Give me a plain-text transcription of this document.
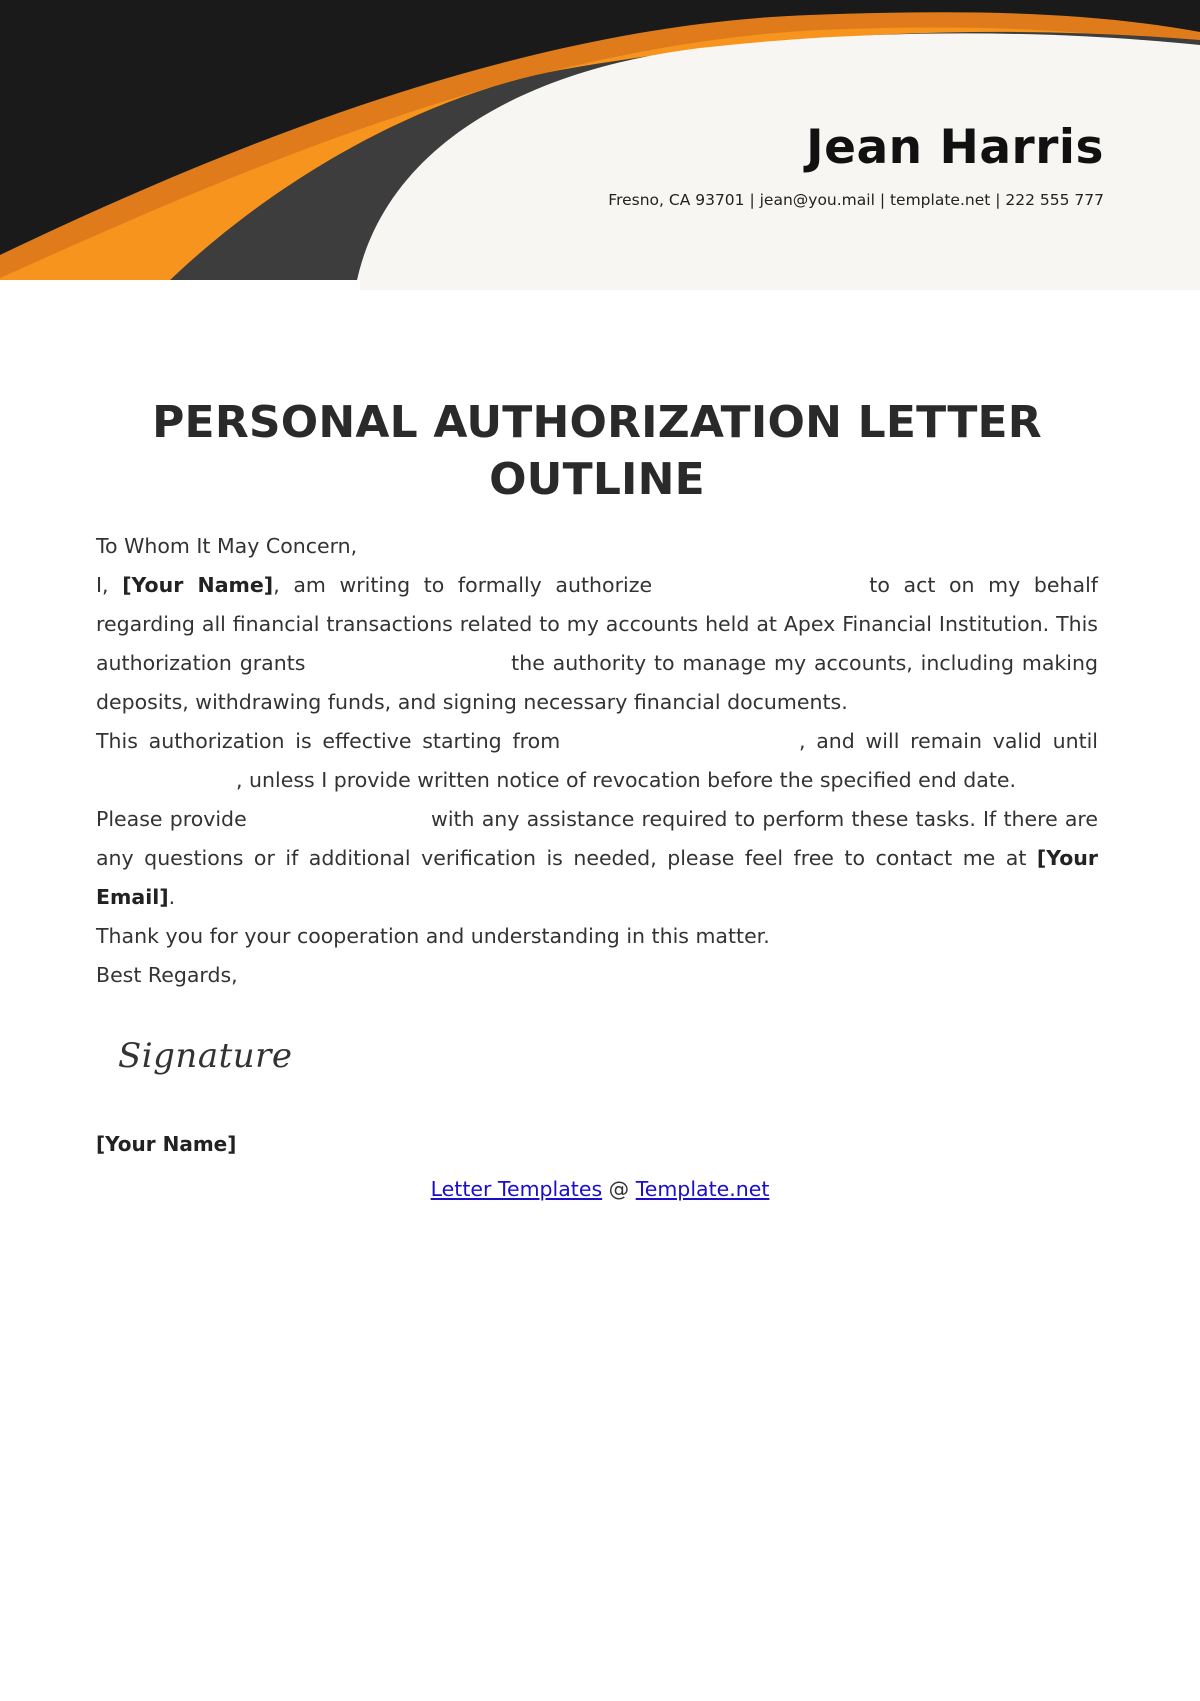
Jean Harris
Fresno, CA 93701 | jean@you.mail | template.net | 222 555 777
PERSONAL AUTHORIZATION LETTER
OUTLINE

To Whom It May Concern,

I, [Your Name], am writing to formally authorize	to act on my behalf regarding all financial transactions related to my accounts held at Apex Financial Institution. This authorization grants	the authority to manage my accounts, including making deposits, withdrawing funds, and signing necessary financial documents.

This authorization is effective starting from	, and will remain valid until , unless I provide written notice of revocation before the specified end date.

Please provide	with any assistance required to perform these tasks. If there are any questions or if additional verification is needed, please feel free to contact me at [Your Email].

Thank you for your cooperation and understanding in this matter.

Best Regards,

Signature
[Your Name]
Letter Templates @ Template.net
